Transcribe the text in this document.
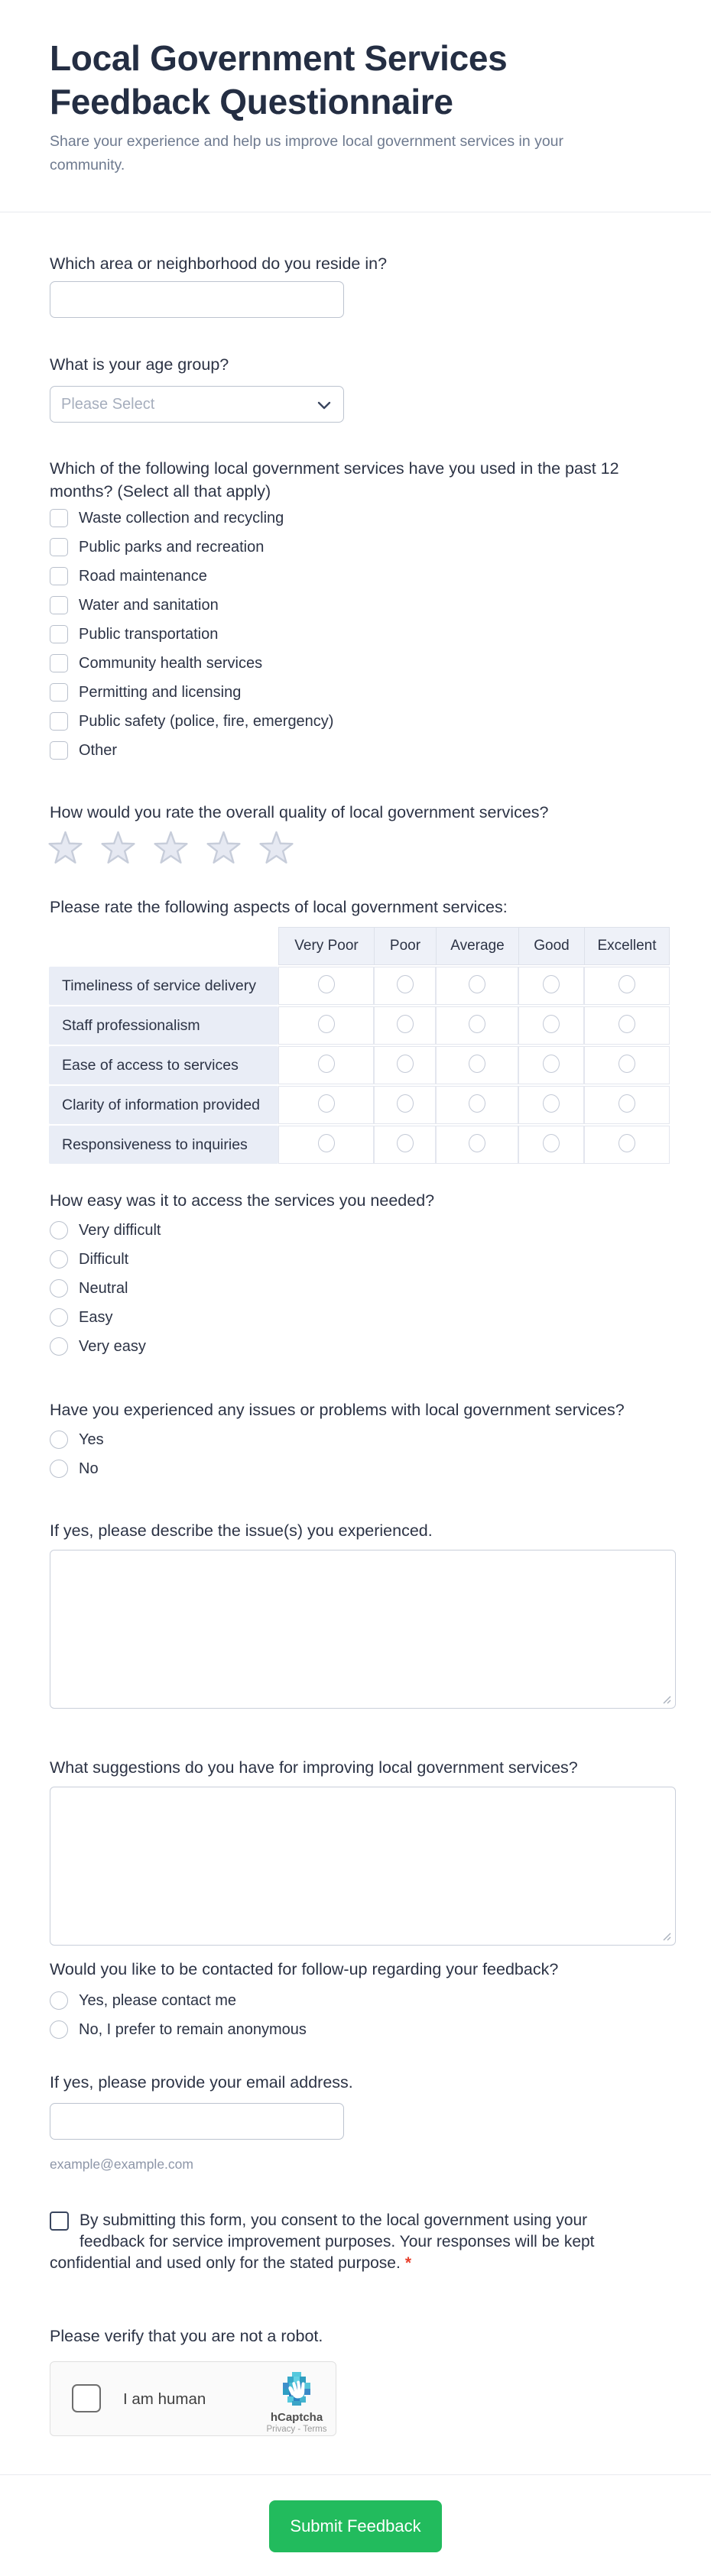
Local Government Services Feedback Questionnaire
Share your experience and help us improve local government services in your community.
Which area or neighborhood do you reside in?
What is your age group?
Please Select
Which of the following local government services have you used in the past 12 months? (Select all that apply)
Waste collection and recycling
Public parks and recreation
Road maintenance
Water and sanitation
Public transportation
Community health services
Permitting and licensing
Public safety (police, fire, emergency)
Other
How would you rate the overall quality of local government services?
Please rate the following aspects of local government services:
	Very Poor	Poor	Average	Good	Excellent
Timeliness of service delivery					
Staff professionalism					
Ease of access to services					
Clarity of information provided					
Responsiveness to inquiries					
How easy was it to access the services you needed?
Very difficult
Difficult
Neutral
Easy
Very easy
Have you experienced any issues or problems with local government services?
Yes
No
If yes, please describe the issue(s) you experienced.
What suggestions do you have for improving local government services?
Would you like to be contacted for follow-up regarding your feedback?
Yes, please contact me
No, I prefer to remain anonymous
If yes, please provide your email address.
example@example.com
By submitting this form, you consent to the local government using your feedback for service improvement purposes. Your responses will be kept confidential and used only for the stated purpose. *
Please verify that you are not a robot.
I am human
hCaptcha
Privacy - Terms
Submit Feedback
